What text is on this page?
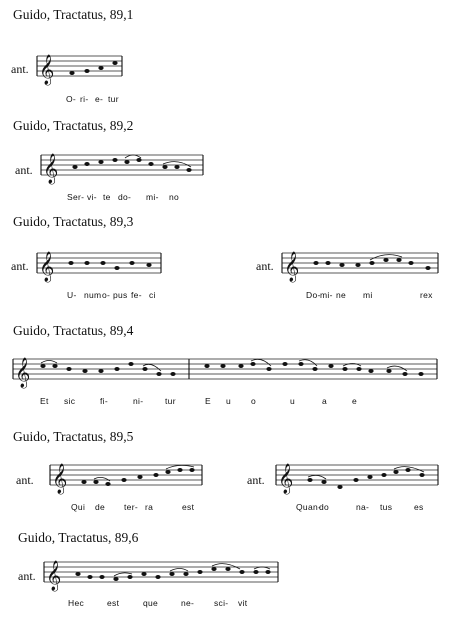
Guido, Tractatus, 89,1
ant. 𝄞
O- ri- e- tur
Guido, Tractatus, 89,2
ant. 𝄞
Ser- vi- te do- mi- no
Guido, Tractatus, 89,3
ant. 𝄞	ant. 𝄞
U- num o- pus fe- ci	Do- mi- ne mi	rex
Guido, Tractatus, 89,4
𝄞
Et sic	fi-	ni-	tur	E u o	u	a	e
Guido, Tractatus, 89,5
ant. 𝄞	ant. 𝄞
Qui de ter- ra	est	Quan-
do	na- tus	es
Guido, Tractatus, 89,6
ant. 𝄞
Hec	est	que	ne- sci- vit
